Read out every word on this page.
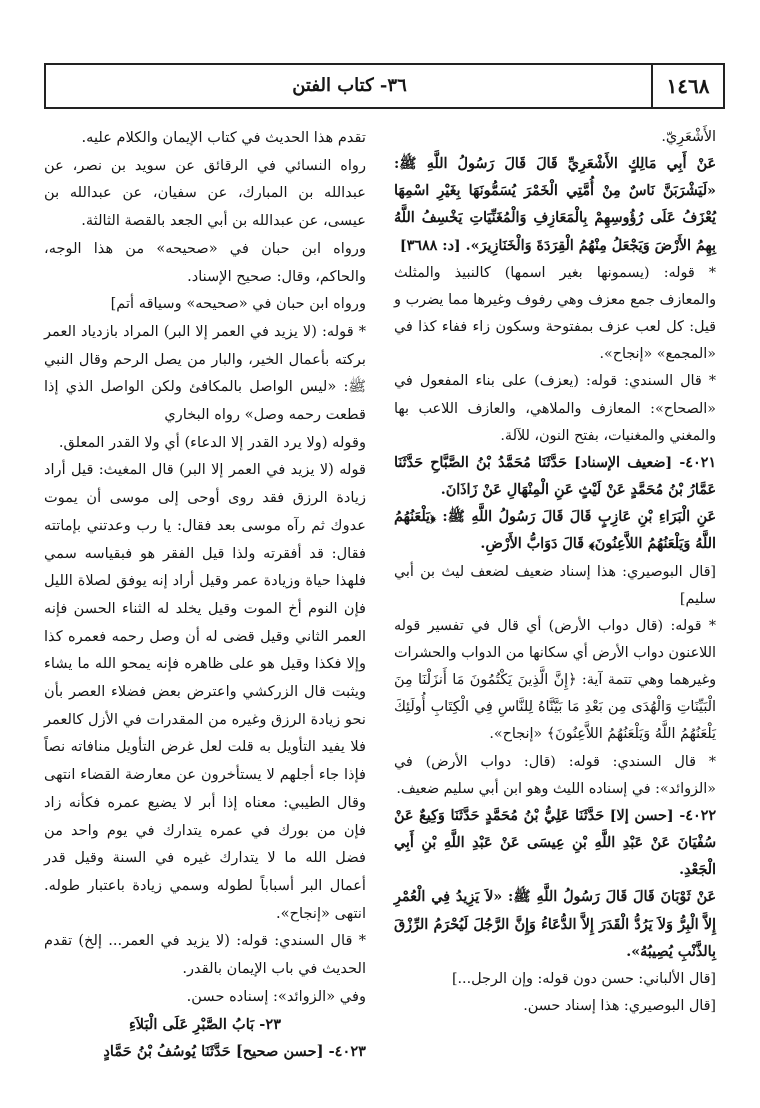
١٤٦٨
٣٦- كتاب الفتن

الأَشْعَرِيّ.

عَنْ أَبِي مَالِكٍ الأَشْعَرِيِّ قَالَ قَالَ رَسُولُ اللَّهِ ﷺ: «لَيَشْرَبَنَّ نَاسٌ مِنْ أُمَّتِي الْخَمْرَ يُسَمُّونَهَا بِغَيْرِ اسْمِهَا يُعْزَفُ عَلَى رُؤُوسِهِمْ بِالْمَعَازِفِ وَالْمُغَنِّيَاتِ يَخْسِفُ اللَّهُ بِهِمُ الأَرْضَ وَيَجْعَلُ مِنْهُمُ الْقِرَدَةَ وَالْخَنَازِيرَ». [د: ٣٦٨٨]

* قوله: (يسمونها بغير اسمها) كالنبيذ والمثلث والمعازف جمع معزف وهي رفوف وغيرها مما يضرب و قيل: كل لعب عزف بمفتوحة وسكون زاء ففاء كذا في «المجمع» «إنجاح».

* قال السندي: قوله: (يعزف) على بناء المفعول في «الصحاح»: المعازف والملاهي، والعازف اللاعب بها والمغني والمغنيات، بفتح النون، للآلة.

٤٠٢١- [ضعيف الإسناد] حَدَّثَنَا مُحَمَّدُ بْنُ الصَّبَّاحِ حَدَّثَنَا عَمَّارُ بْنُ مُحَمَّدٍ عَنْ لَيْثٍ عَنِ الْمِنْهَالِ عَنْ زَاذَانَ.

عَنِ الْبَرَاءِ بْنِ عَازِبٍ قَالَ قَالَ رَسُولُ اللَّهِ ﷺ: ﴿يَلْعَنُهُمُ اللَّهُ وَيَلْعَنُهُمُ اللاَّعِنُونَ﴾ قَالَ دَوَابُّ الأَرْضِ.

[قال البوصيري: هذا إسناد ضعيف لضعف ليث بن أبي سليم]

* قوله: (قال دواب الأرض) أي قال في تفسير قوله اللاعنون دواب الأرض أي سكانها من الدواب والحشرات وغيرهما وهي تتمة آية: ﴿إِنَّ الَّذِينَ يَكْتُمُونَ مَا أَنزَلْنَا مِنَ الْبَيِّنَاتِ وَالْهُدَى مِن بَعْدِ مَا بَيَّنَّاهُ لِلنَّاسِ فِي الْكِتَابِ أُولَئِكَ يَلْعَنُهُمُ اللَّهُ وَيَلْعَنُهُمُ اللاَّعِنُونَ﴾ «إنجاح».

* قال السندي: قوله: (قال: دواب الأرض) في «الزوائد»: في إسناده الليث وهو ابن أبي سليم ضعيف.

٤٠٢٢- [حسن إلا] حَدَّثَنَا عَلِيُّ بْنُ مُحَمَّدٍ حَدَّثَنَا وَكِيعٌ عَنْ سُفْيَانَ عَنْ عَبْدِ اللَّهِ بْنِ عِيسَى عَنْ عَبْدِ اللَّهِ بْنِ أَبِي الْجَعْدِ.

عَنْ ثَوْبَانَ قَالَ قَالَ رَسُولُ اللَّهِ ﷺ: «لاَ يَزِيدُ فِي الْعُمْرِ إِلاَّ الْبِرُّ وَلاَ يَرُدُّ الْقَدَرَ إِلاَّ الدُّعَاءُ وَإِنَّ الرَّجُلَ لَيُحْرَمُ الرِّزْقَ بِالذَّنْبِ يُصِيبُهُ».

[قال الألباني: حسن دون قوله: وإن الرجل...]

[قال البوصيري: هذا إسناد حسن.

تقدم هذا الحديث في كتاب الإيمان والكلام عليه.

رواه النسائي في الرقائق عن سويد بن نصر، عن عبدالله بن المبارك، عن سفيان، عن عبدالله بن عيسى، عن عبدالله بن أبي الجعد بالقصة الثالثة.

ورواه ابن حبان في «صحيحه» من هذا الوجه، والحاكم، وقال: صحيح الإسناد.

ورواه ابن حبان في «صحيحه» وسياقه أتم]

* قوله: (لا يزيد في العمر إلا البر) المراد بازدياد العمر بركته بأعمال الخير، والبار من يصل الرحم وقال النبي ﷺ: «ليس الواصل بالمكافئ ولكن الواصل الذي إذا قطعت رحمه وصل» رواه البخاري

وقوله (ولا يرد القدر إلا الدعاء) أي ولا القدر المعلق.

قوله (لا يزيد في العمر إلا البر) قال المغيث: قيل أراد زيادة الرزق فقد روى أوحى إلى موسى أن يموت عدوك ثم رآه موسى بعد فقال: يا رب وعدتني بإماتته فقال: قد أفقرته ولذا قيل الفقر هو فبقياسه سمي فلهذا حياة وزيادة عمر وقيل أراد إنه يوفق لصلاة الليل فإن النوم أخ الموت وقيل يخلد له الثناء الحسن فإنه العمر الثاني وقيل قضى له أن وصل رحمه فعمره كذا وإلا فكذا وقيل هو على ظاهره فإنه يمحو الله ما يشاء ويثبت قال الزركشي واعترض بعض فضلاء العصر بأن نحو زيادة الرزق وغيره من المقدرات في الأزل كالعمر فلا يفيد التأويل به قلت لعل غرض التأويل منافاته نصاً فإذا جاء أجلهم لا يستأخرون عن معارضة القضاء انتهى وقال الطيبي: معناه إذا أبر لا يضيع عمره فكأنه زاد فإن من بورك في عمره يتدارك في يوم واحد من فضل الله ما لا يتدارك غيره في السنة وقيل قدر أعمال البر أسباباً لطوله وسمي زيادة باعتبار طوله. انتهى «إنجاح».

* قال السندي: قوله: (لا يزيد في العمر... إلخ) تقدم الحديث في باب الإيمان بالقدر.

وفي «الزوائد»: إسناده حسن.

٢٣- بَابُ الصَّبْرِ عَلَى الْبَلاَءِ

٤٠٢٣- [حسن صحيح] حَدَّثَنَا يُوسُفُ بْنُ حَمَّادٍ
